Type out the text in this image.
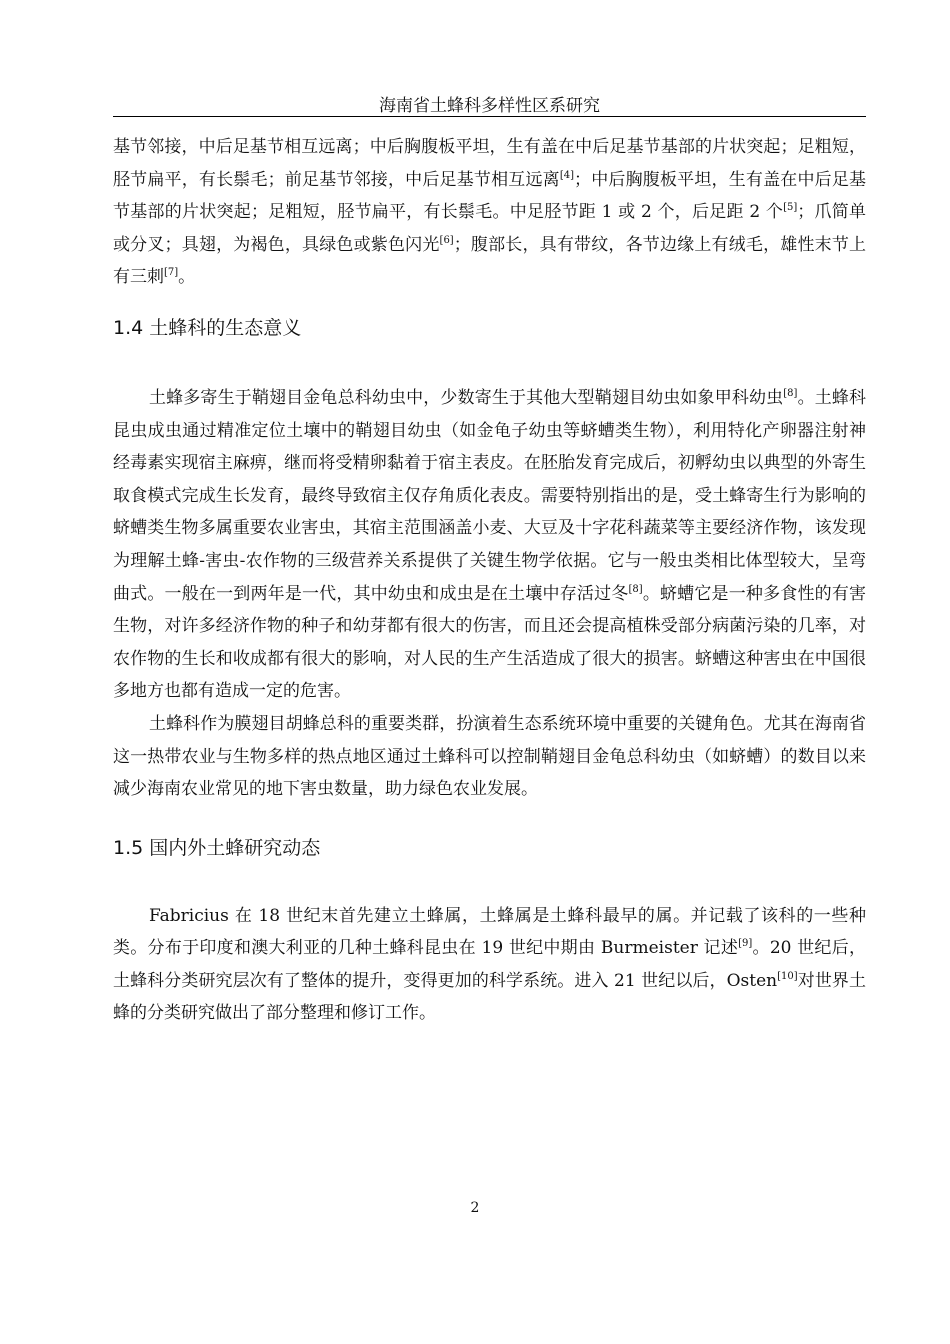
海南省土蜂科多样性区系研究

基节邻接，中后足基节相互远离；中后胸腹板平坦，生有盖在中后足基节基部的片状突起；足粗短，胫节扁平，有长鬃毛；前足基节邻接，中后足基节相互远离[4]；中后胸腹板平坦，生有盖在中后足基节基部的片状突起；足粗短，胫节扁平，有长鬃毛。中足胫节距 1 或 2 个，后足距 2 个[5]；爪简单或分叉；具翅，为褐色，具绿色或紫色闪光[6]；腹部长，具有带纹，各节边缘上有绒毛，雄性末节上有三刺[7]。

1.4 土蜂科的生态意义

土蜂多寄生于鞘翅目金龟总科幼虫中，少数寄生于其他大型鞘翅目幼虫如象甲科幼虫[8]。土蜂科昆虫成虫通过精准定位土壤中的鞘翅目幼虫（如金龟子幼虫等蛴螬类生物），利用特化产卵器注射神经毒素实现宿主麻痹，继而将受精卵黏着于宿主表皮。在胚胎发育完成后，初孵幼虫以典型的外寄生取食模式完成生长发育，最终导致宿主仅存角质化表皮。需要特别指出的是，受土蜂寄生行为影响的蛴螬类生物多属重要农业害虫，其宿主范围涵盖小麦、大豆及十字花科蔬菜等主要经济作物，该发现为理解土蜂-害虫-农作物的三级营养关系提供了关键生物学依据。它与一般虫类相比体型较大，呈弯曲式。一般在一到两年是一代，其中幼虫和成虫是在土壤中存活过冬[8]。蛴螬它是一种多食性的有害生物，对许多经济作物的种子和幼芽都有很大的伤害，而且还会提高植株受部分病菌污染的几率，对农作物的生长和收成都有很大的影响，对人民的生产生活造成了很大的损害。蛴螬这种害虫在中国很多地方也都有造成一定的危害。

土蜂科作为膜翅目胡蜂总科的重要类群，扮演着生态系统环境中重要的关键角色。尤其在海南省这一热带农业与生物多样的热点地区通过土蜂科可以控制鞘翅目金龟总科幼虫（如蛴螬）的数目以来减少海南农业常见的地下害虫数量，助力绿色农业发展。

1.5 国内外土蜂研究动态

Fabricius 在 18 世纪末首先建立土蜂属，土蜂属是土蜂科最早的属。并记载了该科的一些种类。分布于印度和澳大利亚的几种土蜂科昆虫在 19 世纪中期由 Burmeister 记述[9]。20 世纪后，土蜂科分类研究层次有了整体的提升，变得更加的科学系统。进入 21 世纪以后，Osten[10]对世界土蜂的分类研究做出了部分整理和修订工作。

2
